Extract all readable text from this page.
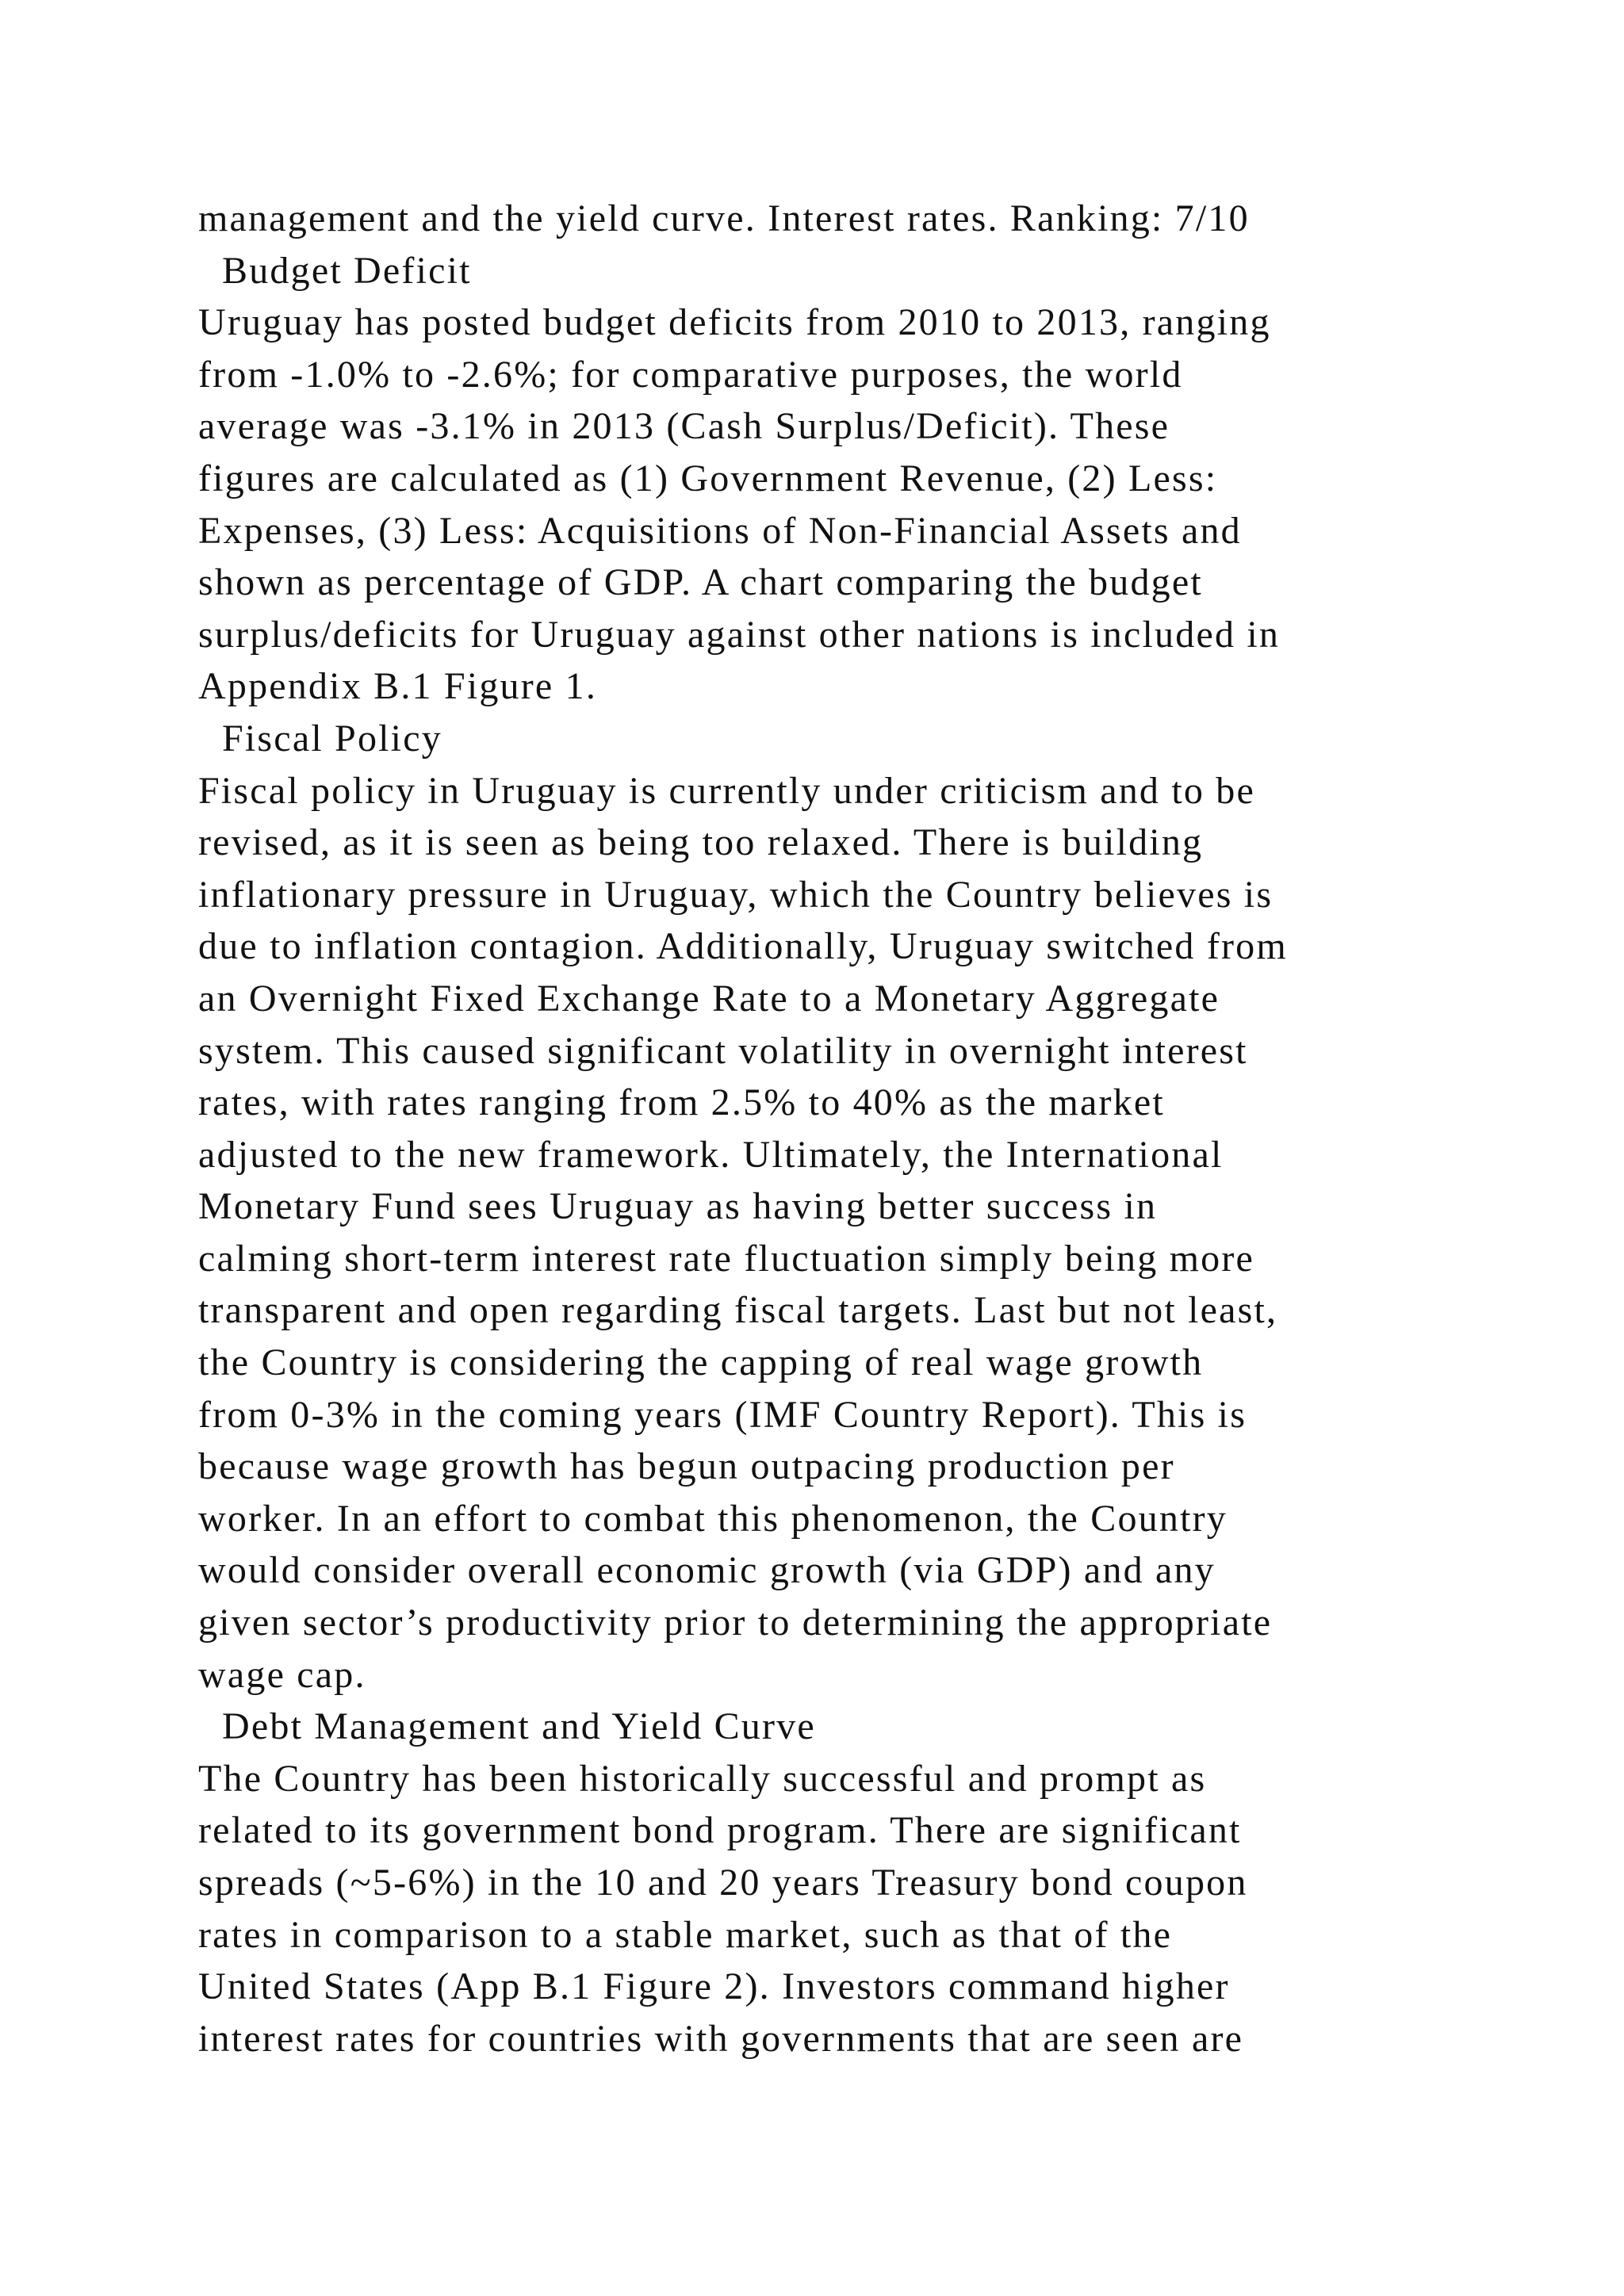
management and the yield curve. Interest rates. Ranking: 7/10
Budget Deficit
Uruguay has posted budget deficits from 2010 to 2013, ranging
from -1.0% to -2.6%; for comparative purposes, the world
average was -3.1% in 2013 (Cash Surplus/Deficit). These
figures are calculated as (1) Government Revenue, (2) Less:
Expenses, (3) Less: Acquisitions of Non-Financial Assets and
shown as percentage of GDP. A chart comparing the budget
surplus/deficits for Uruguay against other nations is included in
Appendix B.1 Figure 1.
Fiscal Policy
Fiscal policy in Uruguay is currently under criticism and to be
revised, as it is seen as being too relaxed. There is building
inflationary pressure in Uruguay, which the Country believes is
due to inflation contagion. Additionally, Uruguay switched from
an Overnight Fixed Exchange Rate to a Monetary Aggregate
system. This caused significant volatility in overnight interest
rates, with rates ranging from 2.5% to 40% as the market
adjusted to the new framework. Ultimately, the International
Monetary Fund sees Uruguay as having better success in
calming short-term interest rate fluctuation simply being more
transparent and open regarding fiscal targets. Last but not least,
the Country is considering the capping of real wage growth
from 0-3% in the coming years (IMF Country Report). This is
because wage growth has begun outpacing production per
worker. In an effort to combat this phenomenon, the Country
would consider overall economic growth (via GDP) and any
given sector’s productivity prior to determining the appropriate
wage cap.
Debt Management and Yield Curve
The Country has been historically successful and prompt as
related to its government bond program. There are significant
spreads (~5-6%) in the 10 and 20 years Treasury bond coupon
rates in comparison to a stable market, such as that of the
United States (App B.1 Figure 2). Investors command higher
interest rates for countries with governments that are seen are
